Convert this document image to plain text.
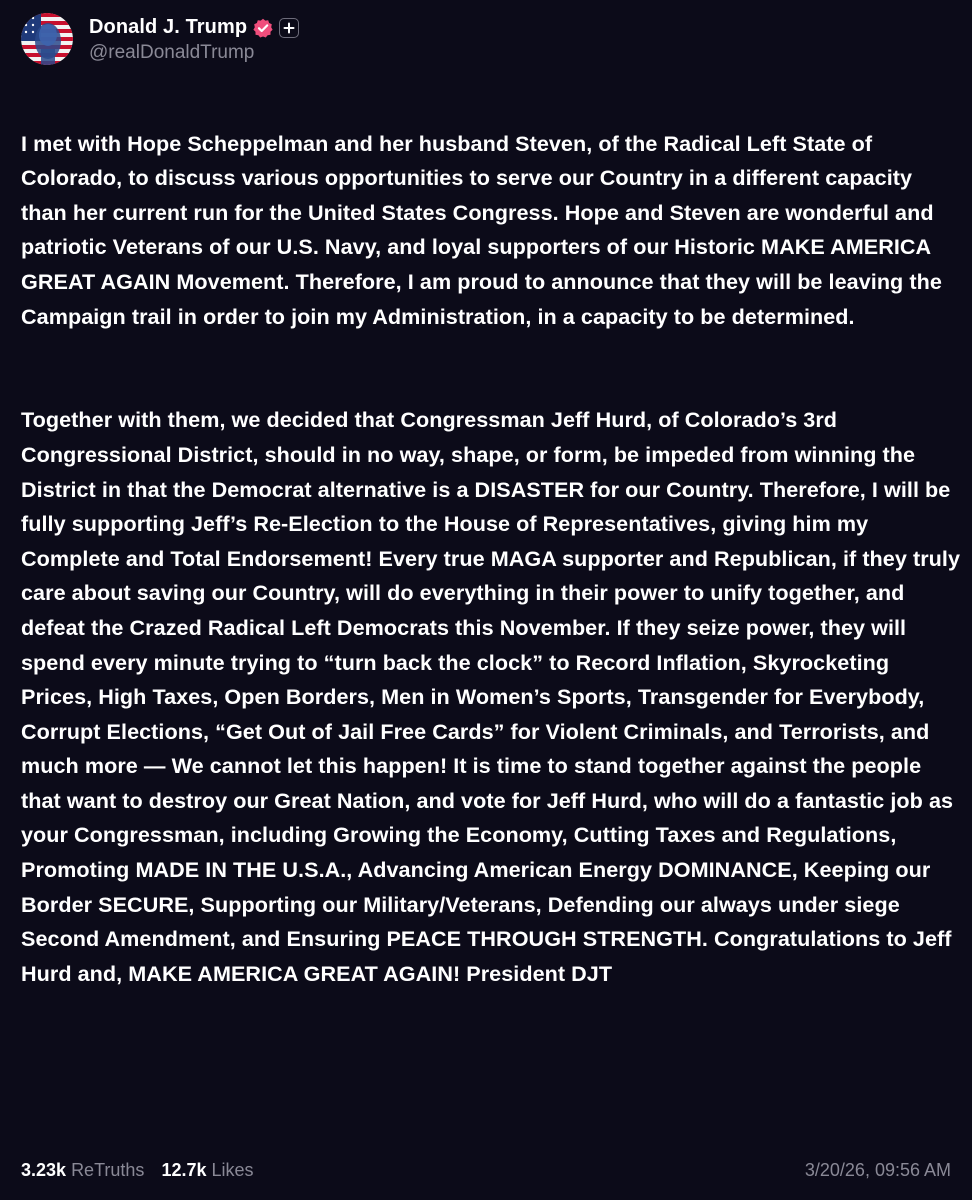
Donald J. Trump
@realDonaldTrump

I met with Hope Scheppelman and her husband Steven, of the Radical Left State of Colorado, to discuss various opportunities to serve our Country in a different capacity than her current run for the United States Congress. Hope and Steven are wonderful and patriotic Veterans of our U.S. Navy, and loyal supporters of our Historic MAKE AMERICA GREAT AGAIN Movement. Therefore, I am proud to announce that they will be leaving the Campaign trail in order to join my Administration, in a capacity to be determined.

Together with them, we decided that Congressman Jeff Hurd, of Colorado’s 3rd Congressional District, should in no way, shape, or form, be impeded from winning the District in that the Democrat alternative is a DISASTER for our Country. Therefore, I will be fully supporting Jeff’s Re-Election to the House of Representatives, giving him my Complete and Total Endorsement! Every true MAGA supporter and Republican, if they truly care about saving our Country, will do everything in their power to unify together, and defeat the Crazed Radical Left Democrats this November. If they seize power, they will spend every minute trying to “turn back the clock” to Record Inflation, Skyrocketing Prices, High Taxes, Open Borders, Men in Women’s Sports, Transgender for Everybody, Corrupt Elections, “Get Out of Jail Free Cards” for Violent Criminals, and Terrorists, and much more — We cannot let this happen! It is time to stand together against the people that want to destroy our Great Nation, and vote for Jeff Hurd, who will do a fantastic job as your Congressman, including Growing the Economy, Cutting Taxes and Regulations, Promoting MADE IN THE U.S.A., Advancing American Energy DOMINANCE, Keeping our Border SECURE, Supporting our Military/Veterans, Defending our always under siege Second Amendment, and Ensuring PEACE THROUGH STRENGTH. Congratulations to Jeff Hurd and, MAKE AMERICA GREAT AGAIN! President DJT

3.23k ReTruths 12.7k Likes	3/20/26, 09:56 AM
